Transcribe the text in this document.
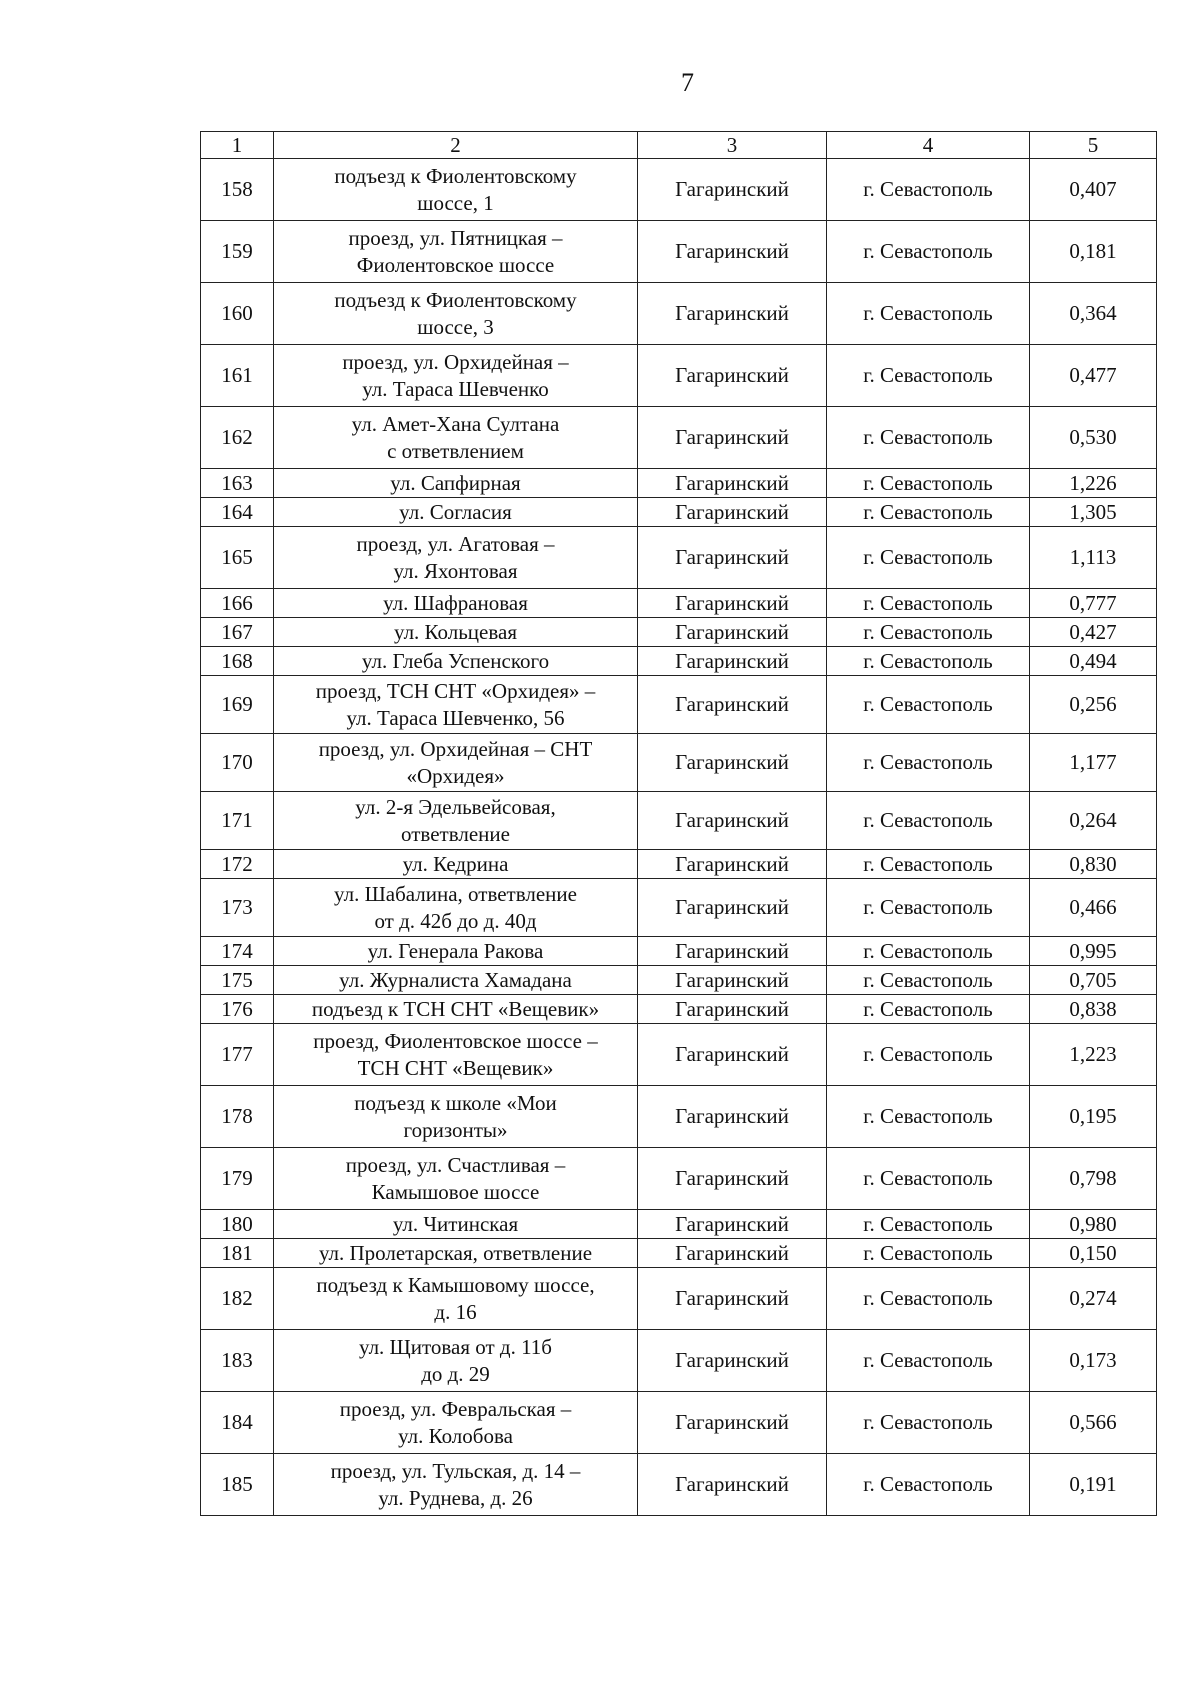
7
1	2	3	4	5
158	подъезд к Фиолентовскому
шоссе, 1	Гагаринский	г. Севастополь	0,407
159	проезд, ул. Пятницкая –
Фиолентовское шоссе	Гагаринский	г. Севастополь	0,181
160	подъезд к Фиолентовскому
шоссе, 3	Гагаринский	г. Севастополь	0,364
161	проезд, ул. Орхидейная –
ул. Тараса Шевченко	Гагаринский	г. Севастополь	0,477
162	ул. Амет-Хана Султана
с ответвлением	Гагаринский	г. Севастополь	0,530
163	ул. Сапфирная	Гагаринский	г. Севастополь	1,226
164	ул. Согласия	Гагаринский	г. Севастополь	1,305
165	проезд, ул. Агатовая –
ул. Яхонтовая	Гагаринский	г. Севастополь	1,113
166	ул. Шафрановая	Гагаринский	г. Севастополь	0,777
167	ул. Кольцевая	Гагаринский	г. Севастополь	0,427
168	ул. Глеба Успенского	Гагаринский	г. Севастополь	0,494
169	проезд, ТСН СНТ «Орхидея» –
ул. Тараса Шевченко, 56	Гагаринский	г. Севастополь	0,256
170	проезд, ул. Орхидейная – СНТ
«Орхидея»	Гагаринский	г. Севастополь	1,177
171	ул. 2-я Эдельвейсовая,
ответвление	Гагаринский	г. Севастополь	0,264
172	ул. Кедрина	Гагаринский	г. Севастополь	0,830
173	ул. Шабалина, ответвление
от д. 42б до д. 40д	Гагаринский	г. Севастополь	0,466
174	ул. Генерала Ракова	Гагаринский	г. Севастополь	0,995
175	ул. Журналиста Хамадана	Гагаринский	г. Севастополь	0,705
176	подъезд к ТСН СНТ «Вещевик»	Гагаринский	г. Севастополь	0,838
177	проезд, Фиолентовское шоссе –
ТСН СНТ «Вещевик»	Гагаринский	г. Севастополь	1,223
178	подъезд к школе «Мои
горизонты»	Гагаринский	г. Севастополь	0,195
179	проезд, ул. Счастливая –
Камышовое шоссе	Гагаринский	г. Севастополь	0,798
180	ул. Читинская	Гагаринский	г. Севастополь	0,980
181	ул. Пролетарская, ответвление	Гагаринский	г. Севастополь	0,150
182	подъезд к Камышовому шоссе,
д. 16	Гагаринский	г. Севастополь	0,274
183	ул. Щитовая от д. 11б
до д. 29	Гагаринский	г. Севастополь	0,173
184	проезд, ул. Февральская –
ул. Колобова	Гагаринский	г. Севастополь	0,566
185	проезд, ул. Тульская, д. 14 –
ул. Руднева, д. 26	Гагаринский	г. Севастополь	0,191
